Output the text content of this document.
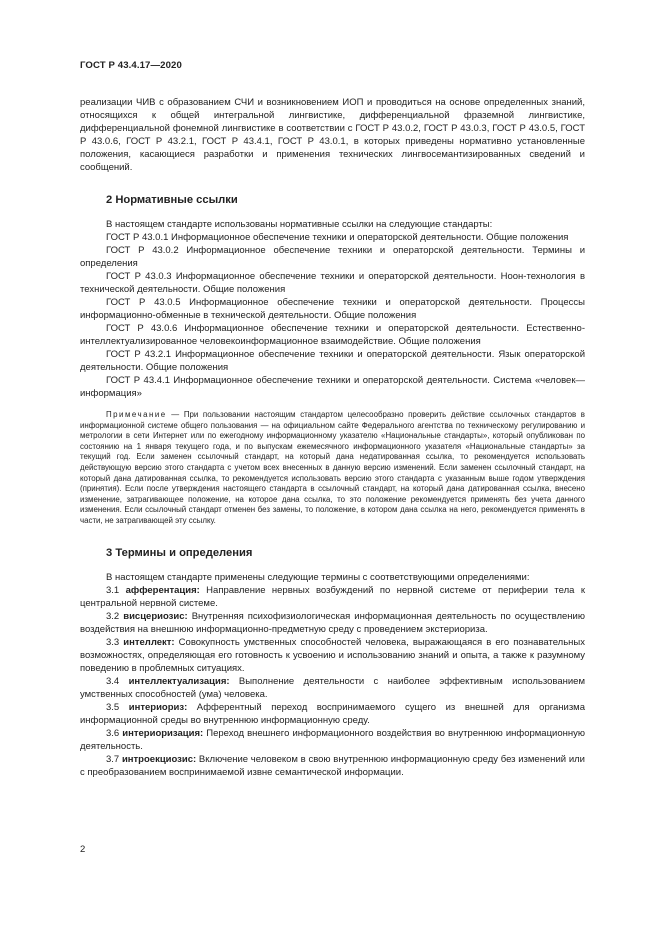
ГОСТ Р 43.4.17—2020

реализации ЧИВ с образованием СЧИ и возникновением ИОП и проводиться на основе определенных знаний, относящихся к общей интегральной лингвистике, дифференциальной фраземной лингвистике, дифференциальной фонемной лингвистике в соответствии с ГОСТ Р 43.0.2, ГОСТ Р 43.0.3, ГОСТ Р 43.0.5, ГОСТ Р 43.0.6, ГОСТ Р 43.2.1, ГОСТ Р 43.4.1, ГОСТ Р 43.0.1, в которых приведены нормативно установленные положения, касающиеся разработки и применения технических лингвосемантизированных сведений и сообщений.

2 Нормативные ссылки

В настоящем стандарте использованы нормативные ссылки на следующие стандарты:

ГОСТ Р 43.0.1 Информационное обеспечение техники и операторской деятельности. Общие положения

ГОСТ Р 43.0.2 Информационное обеспечение техники и операторской деятельности. Термины и определения

ГОСТ Р 43.0.3 Информационное обеспечение техники и операторской деятельности. Ноон-технология в технической деятельности. Общие положения

ГОСТ Р 43.0.5 Информационное обеспечение техники и операторской деятельности. Процессы информационно-обменные в технической деятельности. Общие положения

ГОСТ Р 43.0.6 Информационное обеспечение техники и операторской деятельности. Естественно-интеллектуализированное человекоинформационное взаимодействие. Общие положения

ГОСТ Р 43.2.1 Информационное обеспечение техники и операторской деятельности. Язык операторской деятельности. Общие положения

ГОСТ Р 43.4.1 Информационное обеспечение техники и операторской деятельности. Система «человек—информация»

Примечание — При пользовании настоящим стандартом целесообразно проверить действие ссылочных стандартов в информационной системе общего пользования — на официальном сайте Федерального агентства по техническому регулированию и метрологии в сети Интернет или по ежегодному информационному указателю «Национальные стандарты», который опубликован по состоянию на 1 января текущего года, и по выпускам ежемесячного информационного указателя «Национальные стандарты» за текущий год. Если заменен ссылочный стандарт, на который дана недатированная ссылка, то рекомендуется использовать действующую версию этого стандарта с учетом всех внесенных в данную версию изменений. Если заменен ссылочный стандарт, на который дана датированная ссылка, то рекомендуется использовать версию этого стандарта с указанным выше годом утверждения (принятия). Если после утверждения настоящего стандарта в ссылочный стандарт, на который дана датированная ссылка, внесено изменение, затрагивающее положение, на которое дана ссылка, то это положение рекомендуется применять без учета данного изменения. Если ссылочный стандарт отменен без замены, то положение, в котором дана ссылка на него, рекомендуется применять в части, не затрагивающей эту ссылку.

3 Термины и определения

В настоящем стандарте применены следующие термины с соответствующими определениями:

3.1 афферентация: Направление нервных возбуждений по нервной системе от периферии тела к центральной нервной системе.

3.2 висцериозис: Внутренняя психофизиологическая информационная деятельность по осуществлению воздействия на внешнюю информационно-предметную среду с проведением экстериоризa.

3.3 интеллект: Совокупность умственных способностей человека, выражающаяся в его познавательных возможностях, определяющая его готовность к усвоению и использованию знаний и опыта, а также к разумному поведению в проблемных ситуациях.

3.4 интеллектуализация: Выполнение деятельности с наиболее эффективным использованием умственных способностей (ума) человека.

3.5 интериориз: Афферентный переход воспринимаемого сущего из внешней для организма информационной среды во внутреннюю информационную среду.

3.6 интериоризация: Переход внешнего информационного воздействия во внутреннюю информационную деятельность.

3.7 интроекциозис: Включение человеком в свою внутреннюю информационную среду без изменений или с преобразованием воспринимаемой извне семантической информации.

2
